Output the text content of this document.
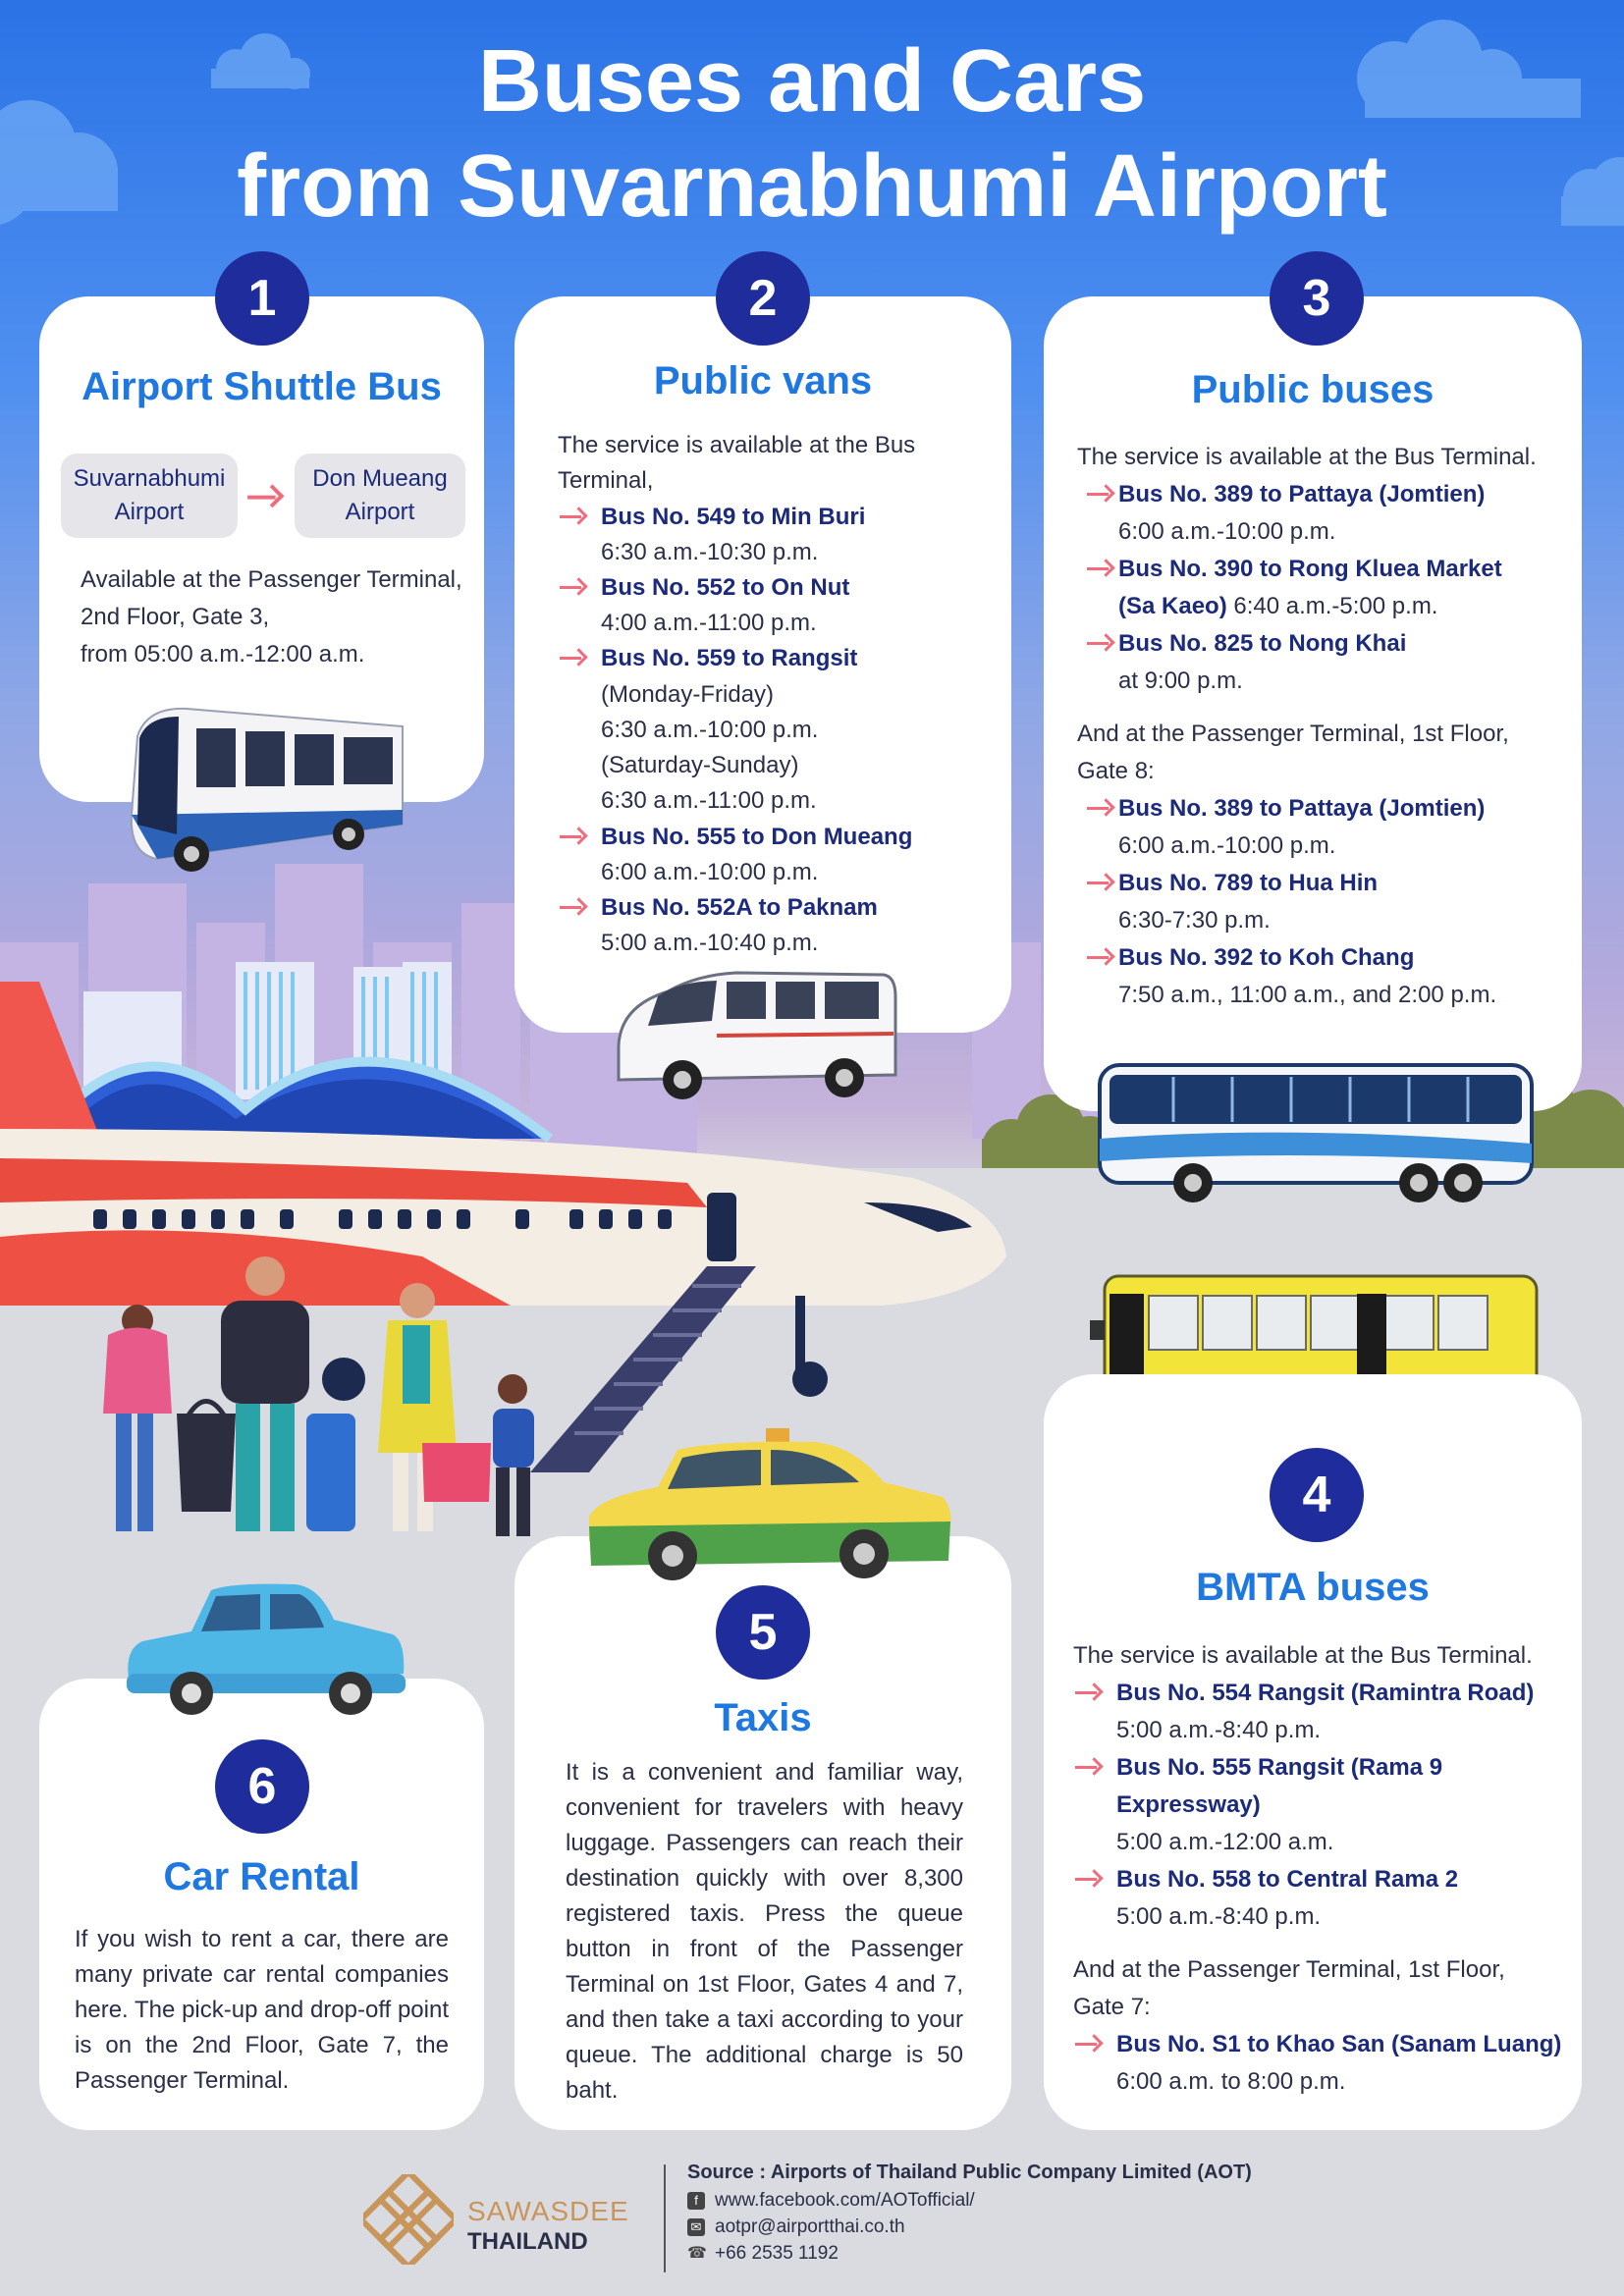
Buses and Cars
from Suvarnabhumi Airport
1
Airport Shuttle Bus
Suvarnabhumi Airport
Don Mueang Airport
Available at the Passenger Terminal,
2nd Floor, Gate 3,
from 05:00 a.m.-12:00 a.m.
2
Public vans
The service is available at the Bus Terminal,
Bus No. 549 to Min Buri
6:30 a.m.-10:30 p.m.
Bus No. 552 to On Nut
4:00 a.m.-11:00 p.m.
Bus No. 559 to Rangsit
(Monday-Friday)
6:30 a.m.-10:00 p.m.
(Saturday-Sunday)
6:30 a.m.-11:00 p.m.
Bus No. 555 to Don Mueang
6:00 a.m.-10:00 p.m.
Bus No. 552A to Paknam
5:00 a.m.-10:40 p.m.
3
Public buses
The service is available at the Bus Terminal.
Bus No. 389 to Pattaya (Jomtien)
6:00 a.m.-10:00 p.m.
Bus No. 390 to Rong Kluea Market
(Sa Kaeo) 6:40 a.m.-5:00 p.m.
Bus No. 825 to Nong Khai
at 9:00 p.m.
And at the Passenger Terminal, 1st Floor, Gate 8:
Bus No. 389 to Pattaya (Jomtien)
6:00 a.m.-10:00 p.m.
Bus No. 789 to Hua Hin
6:30-7:30 p.m.
Bus No. 392 to Koh Chang
7:50 a.m., 11:00 a.m., and 2:00 p.m.
4
BMTA buses
The service is available at the Bus Terminal.
Bus No. 554 Rangsit (Ramintra Road)
5:00 a.m.-8:40 p.m.
Bus No. 555 Rangsit (Rama 9 Expressway)
5:00 a.m.-12:00 a.m.
Bus No. 558 to Central Rama 2
5:00 a.m.-8:40 p.m.
And at the Passenger Terminal, 1st Floor, Gate 7:
Bus No. S1 to Khao San (Sanam Luang)
6:00 a.m. to 8:00 p.m.
5
Taxis
It is a convenient and familiar way, convenient for travelers with heavy luggage. Passengers can reach their destination quickly with over 8,300 registered taxis. Press the queue button in front of the Passenger Terminal on 1st Floor, Gates 4 and 7, and then take a taxi according to your queue. The additional charge is 50 baht.
6
Car Rental
If you wish to rent a car, there are many private car rental companies here. The pick-up and drop-off point is on the 2nd Floor, Gate 7, the Passenger Terminal.
SAWASDEE
THAILAND
Source : Airports of Thailand Public Company Limited (AOT)
f www.facebook.com/AOTofficial/
✉ aotpr@airportthai.co.th
☎ +66 2535 1192
